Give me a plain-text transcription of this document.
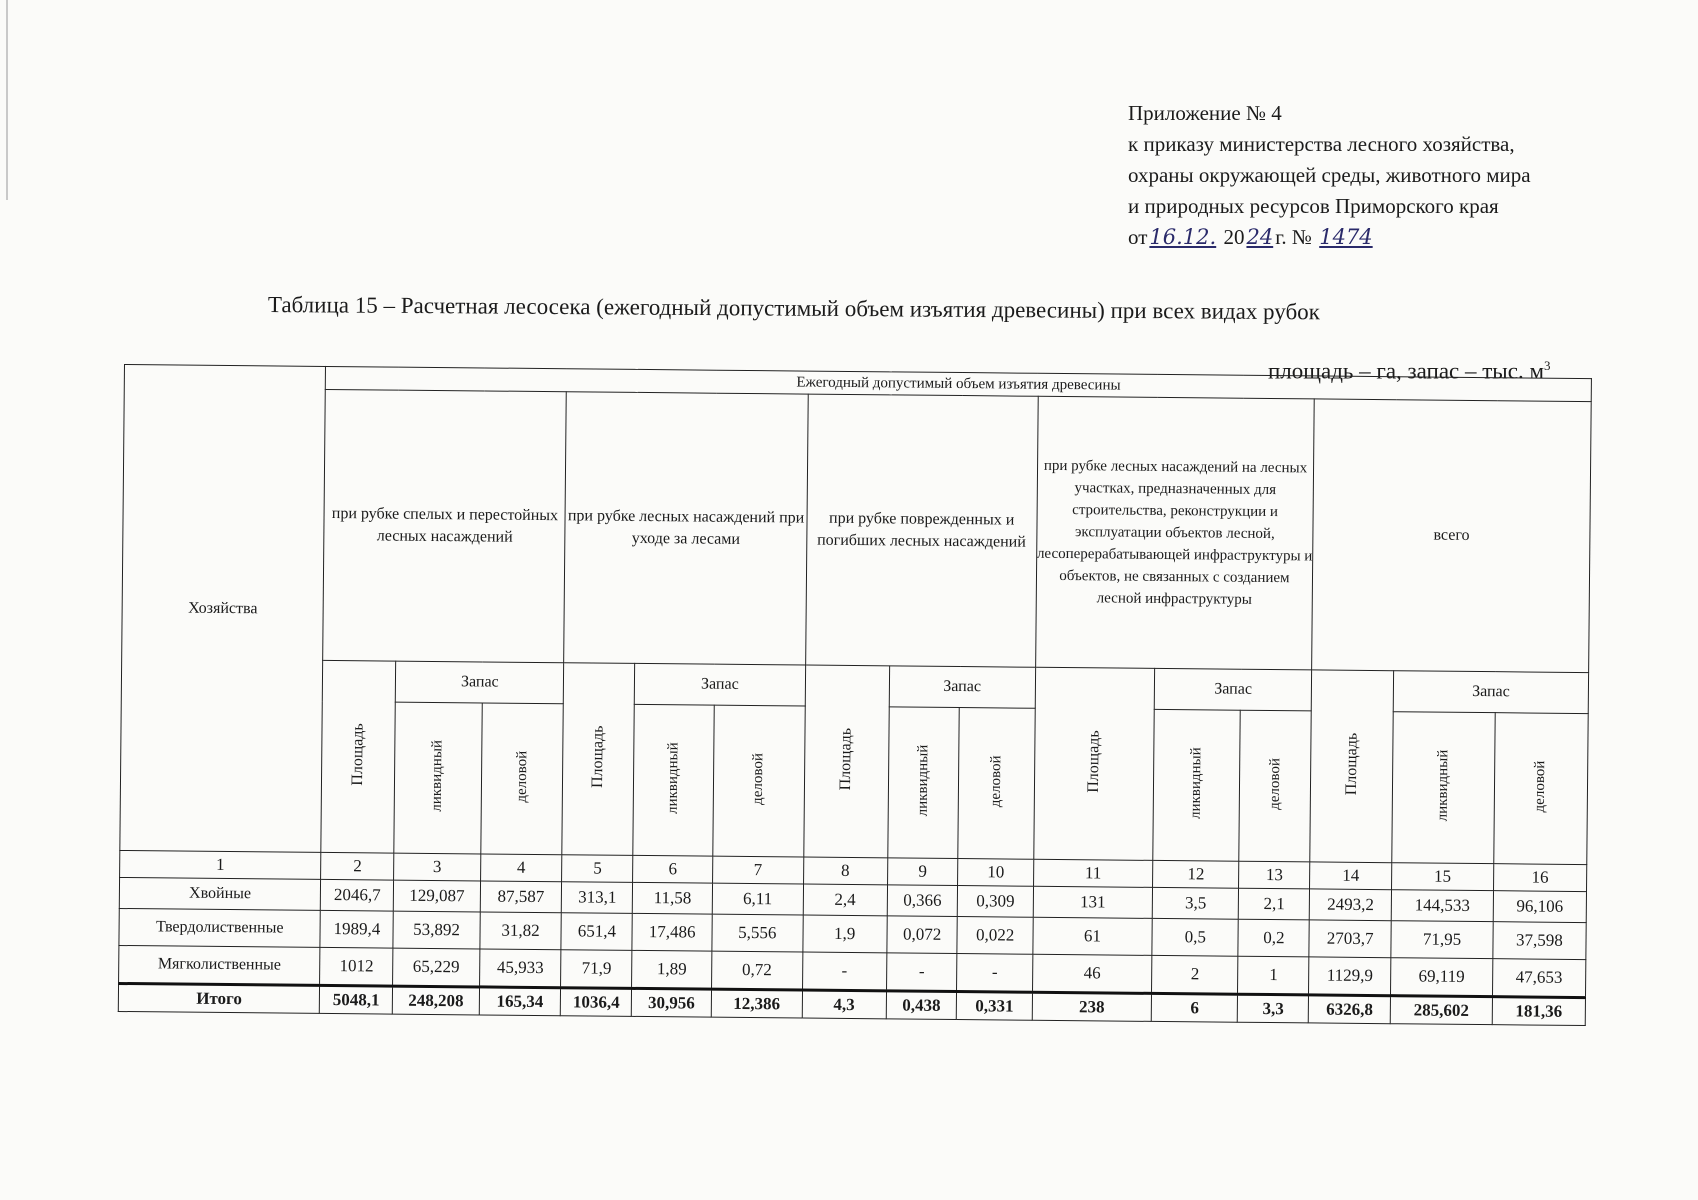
Приложение № 4
к приказу министерства лесного хозяйства,
охраны окружающей среды, животного мира
и природных ресурсов Приморского края
от16.12. 2024г. № 1474
Таблица 15 – Расчетная лесосека (ежегодный допустимый объем изъятия древесины) при всех видах рубок
площадь – га, запас – тыс. $м^3$
Хозяйства	Ежегодный допустимый объем изъятия древесины														
	при рубке спелых и перестойных лесных насаждений			при рубке лесных насаждений при уходе за лесами			при рубке поврежденных и погибших лесных насаждений			при рубке лесных насаждений на лесных участках, предназначенных для строительства, реконструкции и эксплуатации объектов лесной, лесоперерабатывающей инфраструктуры и объектов, не связанных с созданием лесной инфраструктуры			всего		
	Площадь	Запас		Площадь	Запас		Площадь	Запас		Площадь	Запас		Площадь	Запас	
		ликвидный	деловой		ликвидный	деловой		ликвидный	деловой		ликвидный	деловой		ликвидный	деловой
1	2	3	4	5	6	7	8	9	10	11	12	13	14	15	16
Хвойные	2046,7	129,087	87,587	313,1	11,58	6,11	2,4	0,366	0,309	131	3,5	2,1	2493,2	144,533	96,106
Твердолиственные	1989,4	53,892	31,82	651,4	17,486	5,556	1,9	0,072	0,022	61	0,5	0,2	2703,7	71,95	37,598
Мягколиственные	1012	65,229	45,933	71,9	1,89	0,72	-	-	-	46	2	1	1129,9	69,119	47,653
Итого	5048,1	248,208	165,34	1036,4	30,956	12,386	4,3	0,438	0,331	238	6	3,3	6326,8	285,602	181,36
